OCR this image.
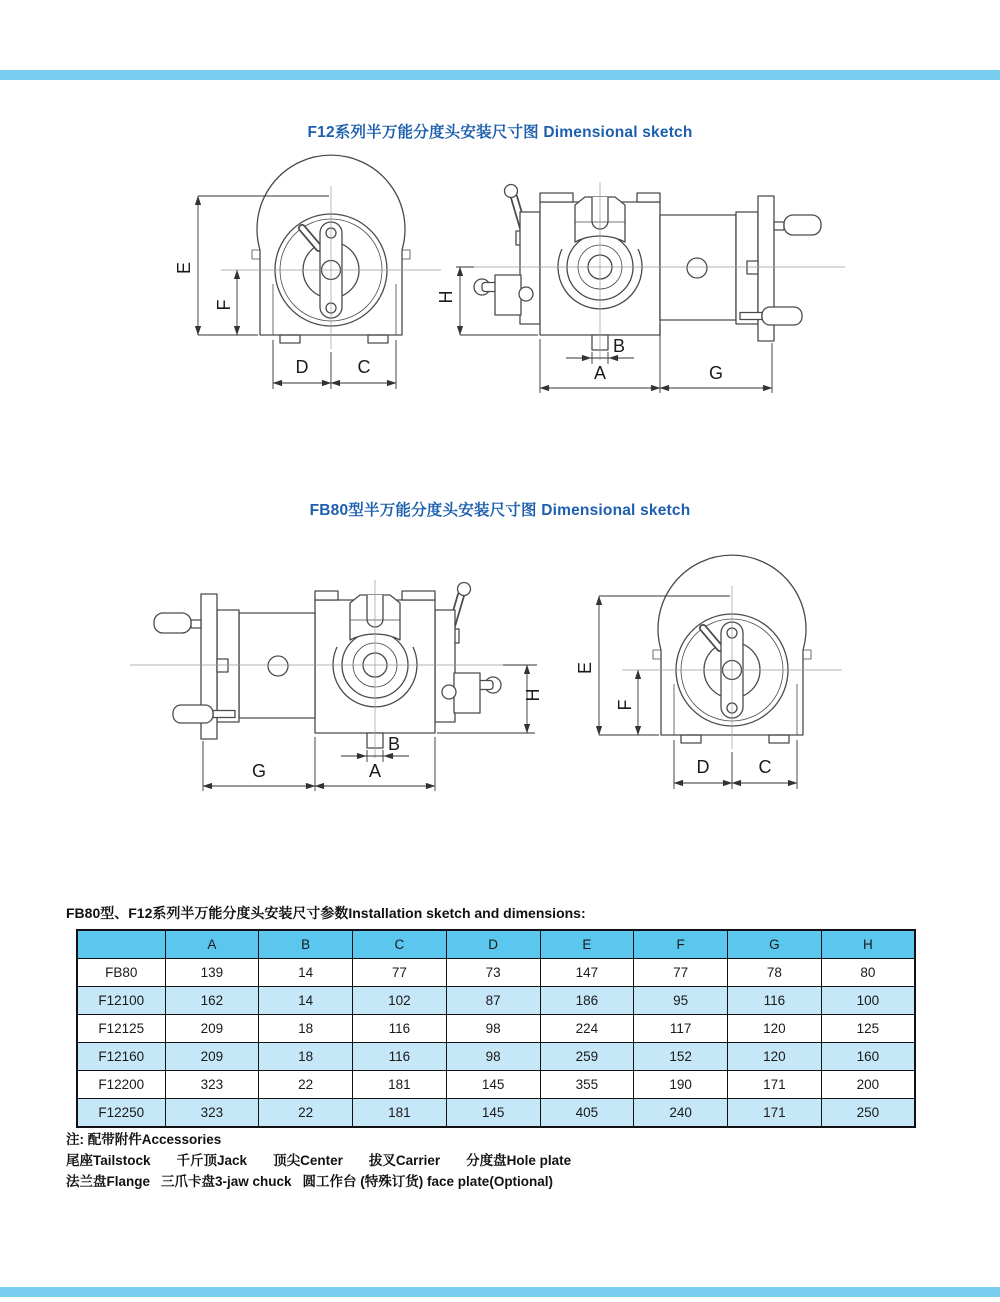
F12系列半万能分度头安装尺寸图 Dimensional sketch
FB80型半万能分度头安装尺寸图 Dimensional sketch
C
H
B
A	G
H
B
A
G
FB80型、F12系列半万能分度头安装尺寸参数Installation sketch and dimensions:
	A	B	C	D	E	F	G	H
FB80	139	14	77	73	147	77	78	80
F12100	162	14	102	87	186	95	116	100
F12125	209	18	116	98	224	117	120	125
F12160	209	18	116	98	259	152	120	160
F12200	323	22	181	145	355	190	171	200
F12250	323	22	181	145	405	240	171	250
注: 配带附件Accessories
尾座Tailstock 千斤顶Jack 顶尖Center 拔叉Carrier 分度盘Hole plate
法兰盘Flange 三爪卡盘3-jaw chuck 圆工作台 (特殊订货) face plate(Optional)
